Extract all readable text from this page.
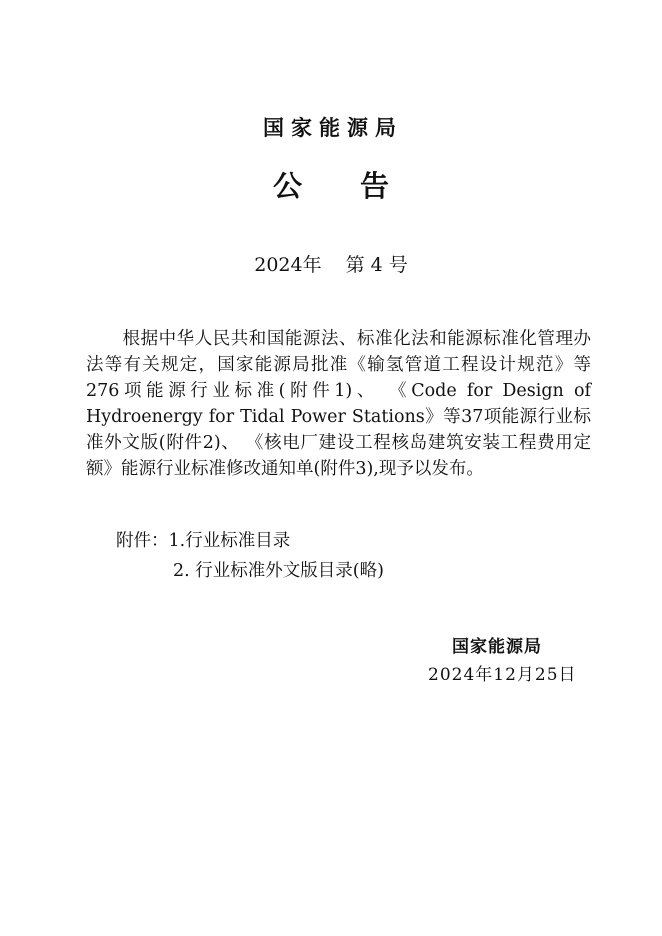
国家能源局
公 告
2024年 第 4 号
根据中华人民共和国能源法、标准化法和能源标准化管理办法等有关规定，国家能源局批准《输氢管道工程设计规范》等276项能源行业标准(附件1)、 《Code for Design of Hydroenergy for Tidal Power Stations》等37项能源行业标准外文版(附件2)、 《核电厂建设工程核岛建筑安装工程费用定额》能源行业标准修改通知单(附件3),现予以发布。
附件：1.行业标准目录
2. 行业标准外文版目录(略)
国家能源局
2024年12月25日
